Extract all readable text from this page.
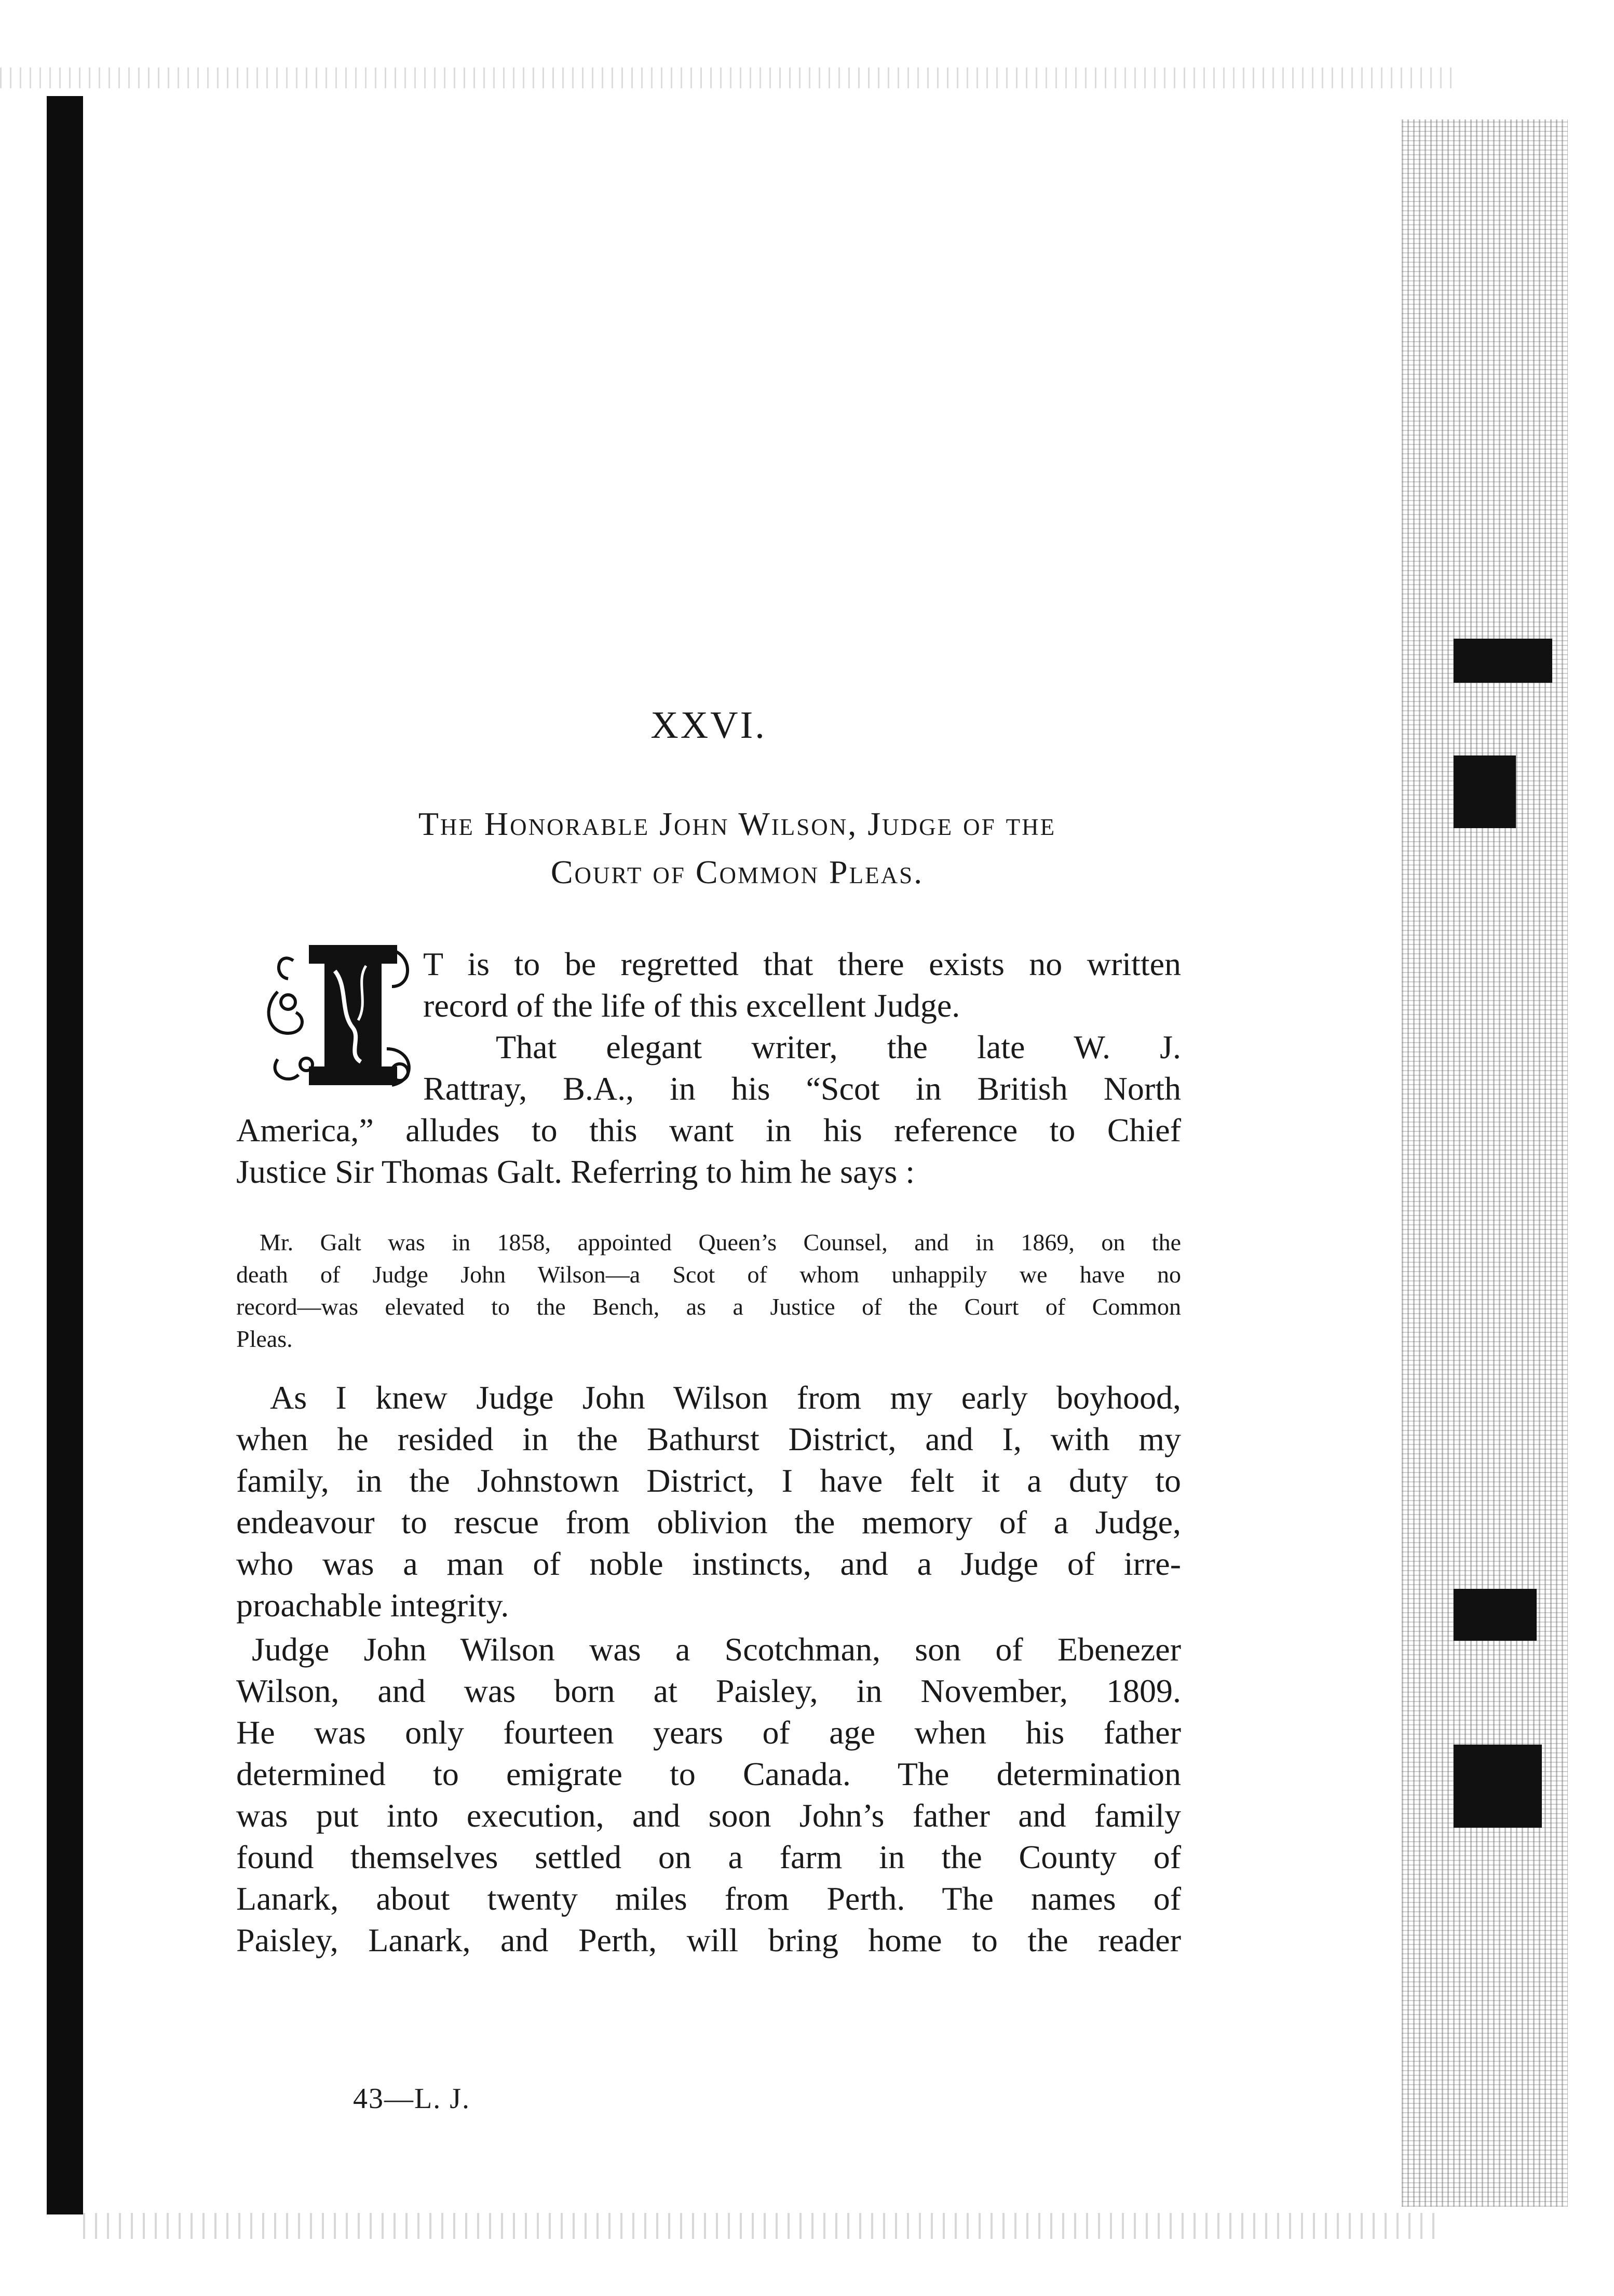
XXVI.
The Honorable John Wilson, Judge of the
Court of Common Pleas.
T is to be regretted that there exists no written
record of the life of this excellent Judge.
That elegant writer, the late W. J.
Rattray, B.A., in his “Scot in British North
America,” alludes to this want in his reference to Chief
Justice Sir Thomas Galt. Referring to him he says :
Mr. Galt was in 1858, appointed Queen’s Counsel, and in 1869, on the
death of Judge John Wilson—a Scot of whom unhappily we have no
record—was elevated to the Bench, as a Justice of the Court of Common
Pleas.
As I knew Judge John Wilson from my early boyhood,
when he resided in the Bathurst District, and I, with my
family, in the Johnstown District, I have felt it a duty to
endeavour to rescue from oblivion the memory of a Judge,
who was a man of noble instincts, and a Judge of irre-
proachable integrity.
Judge John Wilson was a Scotchman, son of Ebenezer
Wilson, and was born at Paisley, in November, 1809.
He was only fourteen years of age when his father
determined to emigrate to Canada. The determination
was put into execution, and soon John’s father and family
found themselves settled on a farm in the County of
Lanark, about twenty miles from Perth. The names of
Paisley, Lanark, and Perth, will bring home to the reader
43—L. J.
